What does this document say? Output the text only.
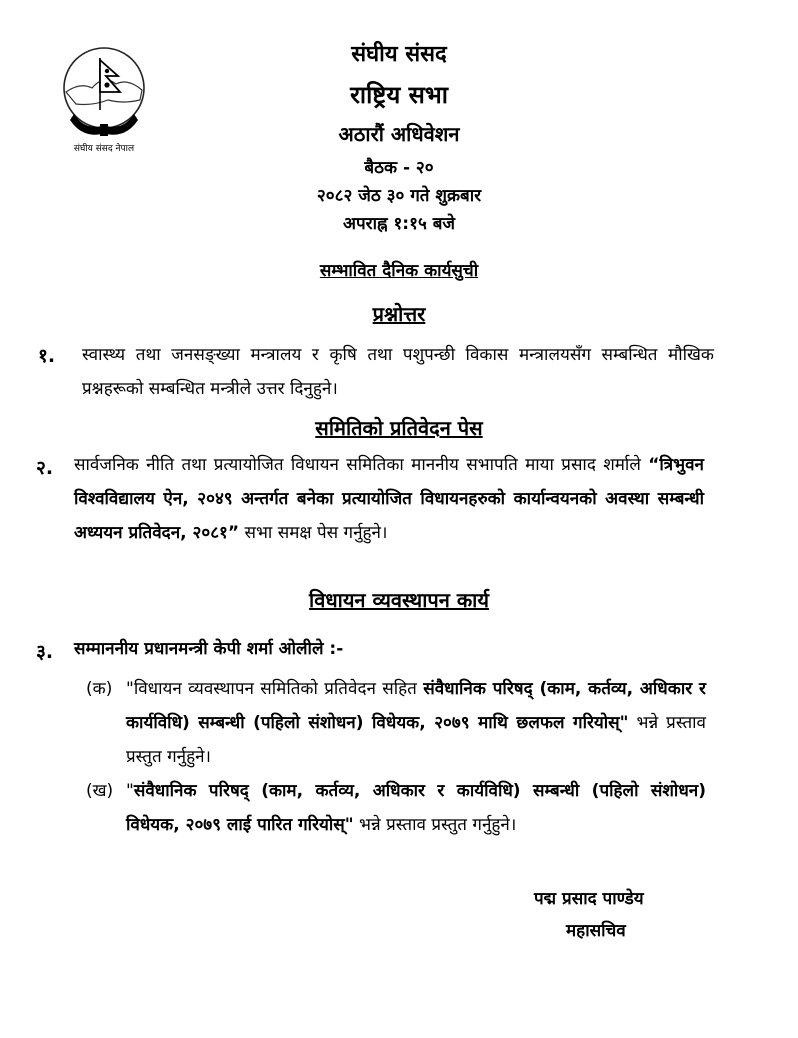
संघीय संसद नेपाल
संघीय संसद
राष्ट्रिय सभा
अठारौं अधिवेशन
बैठक - २०
२०८२ जेठ ३० गते शुक्रबार
अपराह्न १:१५ बजे
सम्भावित दैनिक कार्यसुची
प्रश्नोत्तर
१. स्वास्थ्य तथा जनसङ्ख्या मन्त्रालय र कृषि तथा पशुपन्छी विकास मन्त्रालयसँग सम्बन्धित मौखिक प्रश्नहरूको सम्बन्धित मन्त्रीले उत्तर दिनुहुने।
समितिको प्रतिवेदन पेस
२. सार्वजनिक नीति तथा प्रत्यायोजित विधायन समितिका माननीय सभापति माया प्रसाद शर्माले “त्रिभुवन विश्वविद्यालय ऐन, २०४९ अन्तर्गत बनेका प्रत्यायोजित विधायनहरुको कार्यान्वयनको अवस्था सम्बन्धी अध्ययन प्रतिवेदन, २०८१” सभा समक्ष पेस गर्नुहुने।
विधायन व्यवस्थापन कार्य
३. सम्माननीय प्रधानमन्त्री केपी शर्मा ओलीले :-
(क) "विधायन व्यवस्थापन समितिको प्रतिवेदन सहित संवैधानिक परिषद् (काम, कर्तव्य, अधिकार र कार्यविधि) सम्बन्धी (पहिलो संशोधन) विधेयक, २०७९ माथि छलफल गरियोस्" भन्ने प्रस्ताव प्रस्तुत गर्नुहुने।
(ख) "संवैधानिक परिषद् (काम, कर्तव्य, अधिकार र कार्यविधि) सम्बन्धी (पहिलो संशोधन) विधेयक, २०७९ लाई पारित गरियोस्" भन्ने प्रस्ताव प्रस्तुत गर्नुहुने।
पद्म प्रसाद पाण्डेय
महासचिव
